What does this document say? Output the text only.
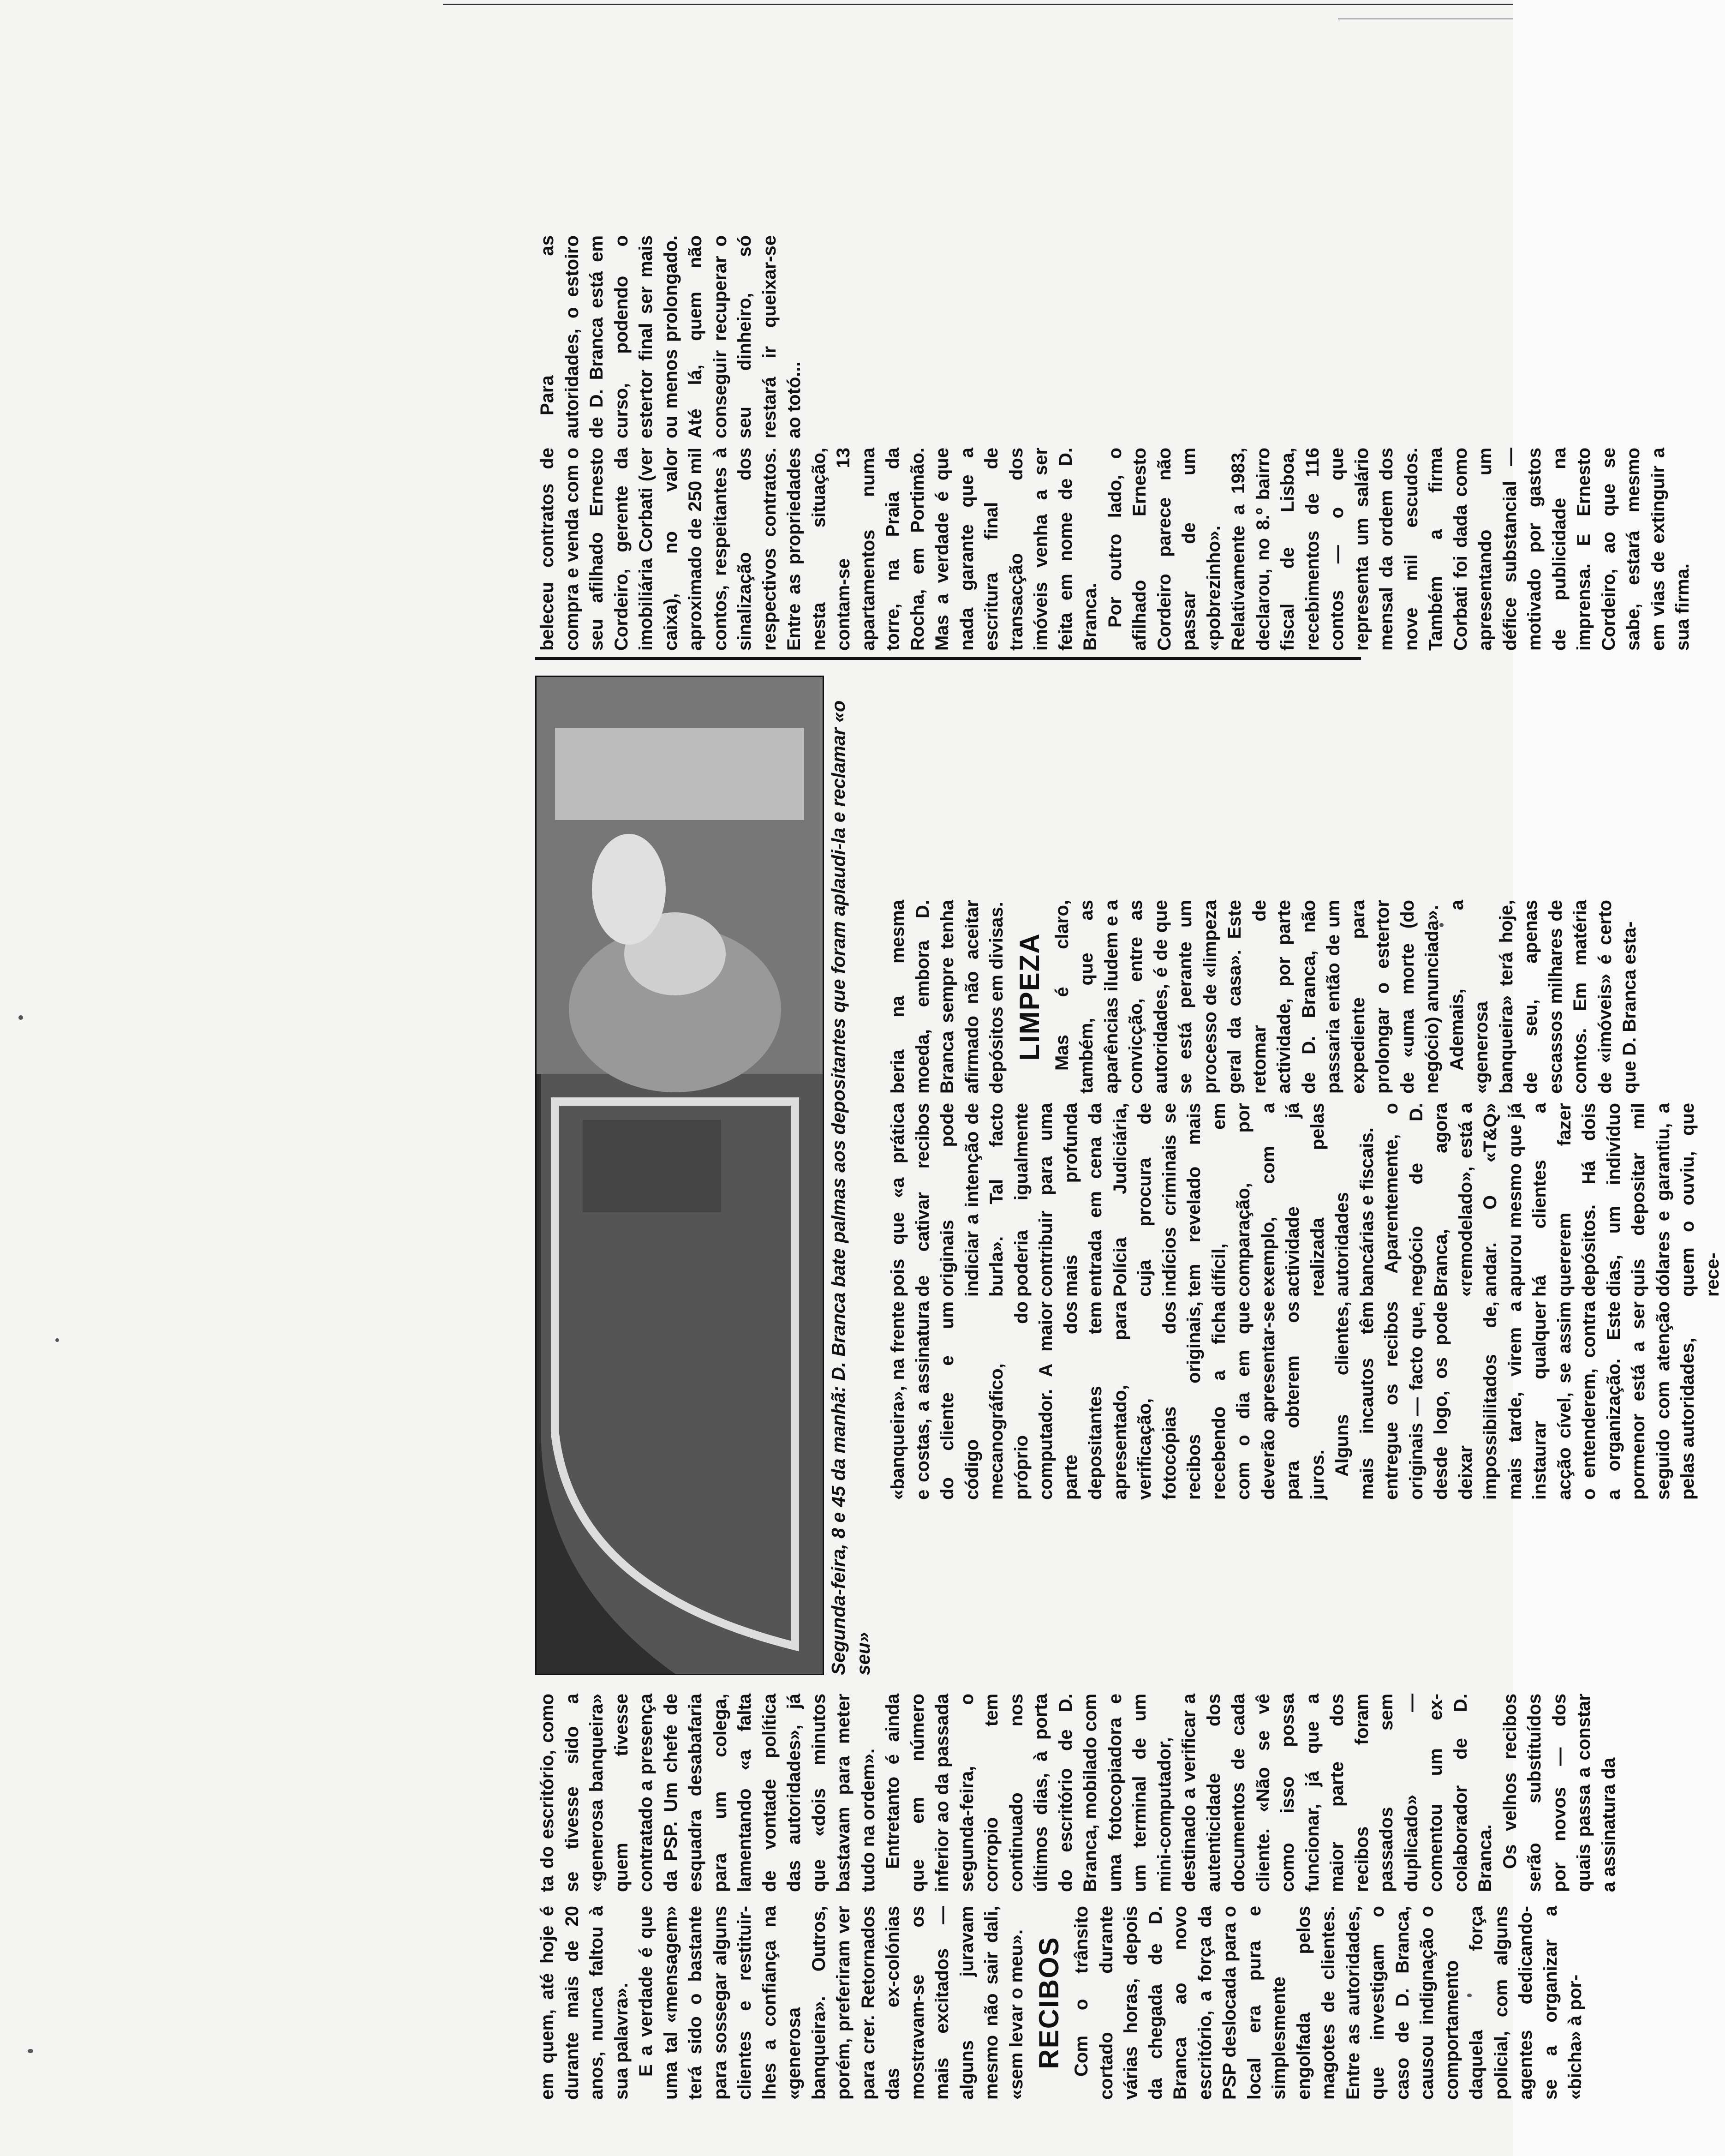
em quem, até hoje é durante mais de 20 anos, nunca faltou à sua palavra». E a verdade é que uma tal «mensagem» terá sido o bastante para sossegar alguns clientes e restituir-lhes a confiança na «generosa banqueira». Outros, porém, preferiram ver para crer. Retornados das ex-colónias mostravam-se os mais excitados — alguns juravam mesmo não sair dali, «sem levar o meu». RECIBOS Com o trânsito cortado durante várias horas, depois da chegada de D. Branca ao novo escritório, a força da PSP deslocada para o local era pura e simplesmente engolfada pelos magotes de clientes. Entre as autoridades, que investigam o caso de D. Branca, causou indignação o comportamento daquela força policial, com alguns agentes dedicando-se a organizar a «bicha» à por-

ta do escritório, como se tivesse sido a «generosa banqueira» quem tivesse contratado a presença da PSP. Um chefe de esquadra desabafaria para um colega, lamentando «a falta de vontade política das autoridades», já que «dois minutos bastavam para meter tudo na ordem». Entretanto é ainda que em número inferior ao da passada segunda-feira, o corropio tem continuado nos últimos dias, à porta do escritório de D. Branca, mobilado com uma fotocopiadora e um terminal de um mini-computador, destinado a verificar a autenticidade dos documentos de cada cliente. «Não se vê como isso possa funcionar, já que a maior parte dos recibos foram passados sem duplicado» — comentou um ex-colaborador de D. Branca. Os velhos recibos serão substituídos por novos — dos quais passa a constar a assinatura da

Segunda-feira, 8 e 45 da manhã: D. Branca bate palmas aos depositantes que foram aplaudi-la e reclamar «o seu»

«banqueira», na frente e costas, a assinatura do cliente e um código mecanográfico, próprio do computador. A maior parte dos depositantes tem apresentado, para verificação, fotocópias dos recibos originais, recebendo a ficha com o dia em que deverão apresentar-se para obterem os juros. Alguns clientes, mais incautos têm entregue os recibos originais — facto que, desde logo, os pode deixar impossibilitados de, mais tarde, virem a instaurar qualquer acção cível, se assim o entenderem, contra a organização. Este pormenor está a ser seguido com atenção pelas autoridades,

pois que «a prática de cativar recibos originais pode indiciar a intenção de burla». Tal facto poderia igualmente contribuir para uma mais profunda entrada em cena da Polícia Judiciária, cuja procura de indícios criminais se tem revelado mais difícil, em comparação, por exemplo, com a actividade já realizada pelas autoridades bancárias e fiscais. Aparentemente, o negócio de D. Branca, agora «remodelado», está a andar. O «T&Q» apurou mesmo que já há clientes a quererem fazer depósitos. Há dois dias, um indivíduo quis depositar mil dólares e garantiu, a quem o ouviu, que rece-

beria na mesma moeda, embora D. Branca sempre tenha afirmado não aceitar depósitos em divisas. LIMPEZA Mas é claro, também, que as aparências iludem e a convicção, entre as autoridades, é de que se está perante um processo de «limpeza geral da casa». Este retomar de actividade, por parte de D. Branca, não passaria então de um expediente para prolongar o estertor de «uma morte (do negócio) anunciada». Ademais, a «generosa banqueira» terá hoje, de seu, apenas escassos milhares de contos. Em matéria de «imóveis» é certo que D. Branca esta-

beleceu contratos de compra e venda com o seu afilhado Ernesto Cordeiro, gerente da imobiliária Corbati (ver caixa), no valor aproximado de 250 mil contos, respeitantes à sinalização dos respectivos contratos. Entre as propriedades nesta situação, contam-se 13 apartamentos numa torre, na Praia da Rocha, em Portimão. Mas a verdade é que nada garante que a escritura final de transacção dos imóveis venha a ser feita em nome de D. Branca. Por outro lado, o afilhado Ernesto Cordeiro parece não passar de um «pobrezinho». Relativamente a 1983, declarou, no 8.º bairro fiscal de Lisboa, recebimentos de 116 contos — o que representa um salário mensal da ordem dos nove mil escudos. Também a firma Corbati foi dada como apresentando um défice substancial — motivado por gastos de publicidade na imprensa. E Ernesto Cordeiro, ao que se sabe, estará mesmo em vias de extinguir a sua firma.

Para as autoridades, o estoiro de D. Branca está em curso, podendo o estertor final ser mais ou menos prolongado. Até lá, quem não conseguir recuperar o seu dinheiro, só restará ir queixar-se ao totó...
